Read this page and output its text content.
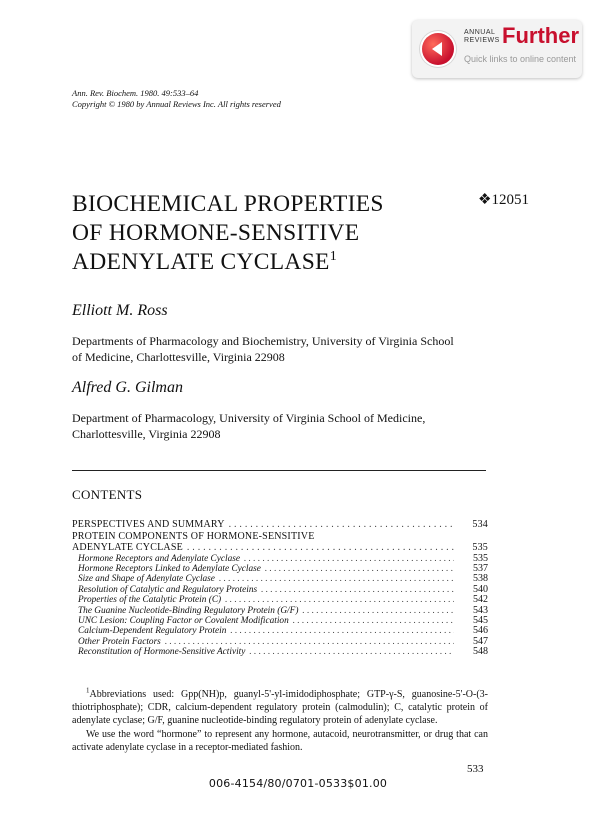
ANNUAL
REVIEWS Further
Quick links to online content
Ann. Rev. Biochem. 1980. 49:533–64
Copyright © 1980 by Annual Reviews Inc. All rights reserved
BIOCHEMICAL PROPERTIES
OF HORMONE-SENSITIVE
ADENYLATE CYCLASE$^1$
❖12051
Elliott M. Ross
Departments of Pharmacology and Biochemistry, University of Virginia School
of Medicine, Charlottesville, Virginia 22908
Alfred G. Gilman
Department of Pharmacology, University of Virginia School of Medicine,
Charlottesville, Virginia 22908
CONTENTS
PERSPECTIVES AND SUMMARY . . .	534
PROTEIN COMPONENTS OF HORMONE-SENSITIVE
ADENYLATE CYCLASE . . .	535
Hormone Receptors and Adenylate Cyclase . . .	535
Hormone Receptors Linked to Adenylate Cyclase . . .	537
Size and Shape of Adenylate Cyclase . . .	538
Resolution of Catalytic and Regulatory Proteins . . .	540
Properties of the Catalytic Protein (C) . . .	542
The Guanine Nucleotide-Binding Regulatory Protein (G/F) . . .	543
UNC Lesion: Coupling Factor or Covalent Modification . . .	545
Calcium-Dependent Regulatory Protein . . .	546
Other Protein Factors . . .	547
Reconstitution of Hormone-Sensitive Activity . . .	548

$^1$Abbreviations used: Gpp(NH)p, guanyl-5'-yl-imidodiphosphate; GTP-γ-S, guanosine-5'-O-(3-thiotriphosphate); CDR, calcium-dependent regulatory protein (calmodulin); C, catalytic protein of adenylate cyclase; G/F, guanine nucleotide-binding regulatory protein of adenylate cyclase.

We use the word “hormone” to represent any hormone, autacoid, neurotransmitter, or drug that can activate adenylate cyclase in a receptor-mediated fashion.

533
006-4154/80/0701-0533$01.00
